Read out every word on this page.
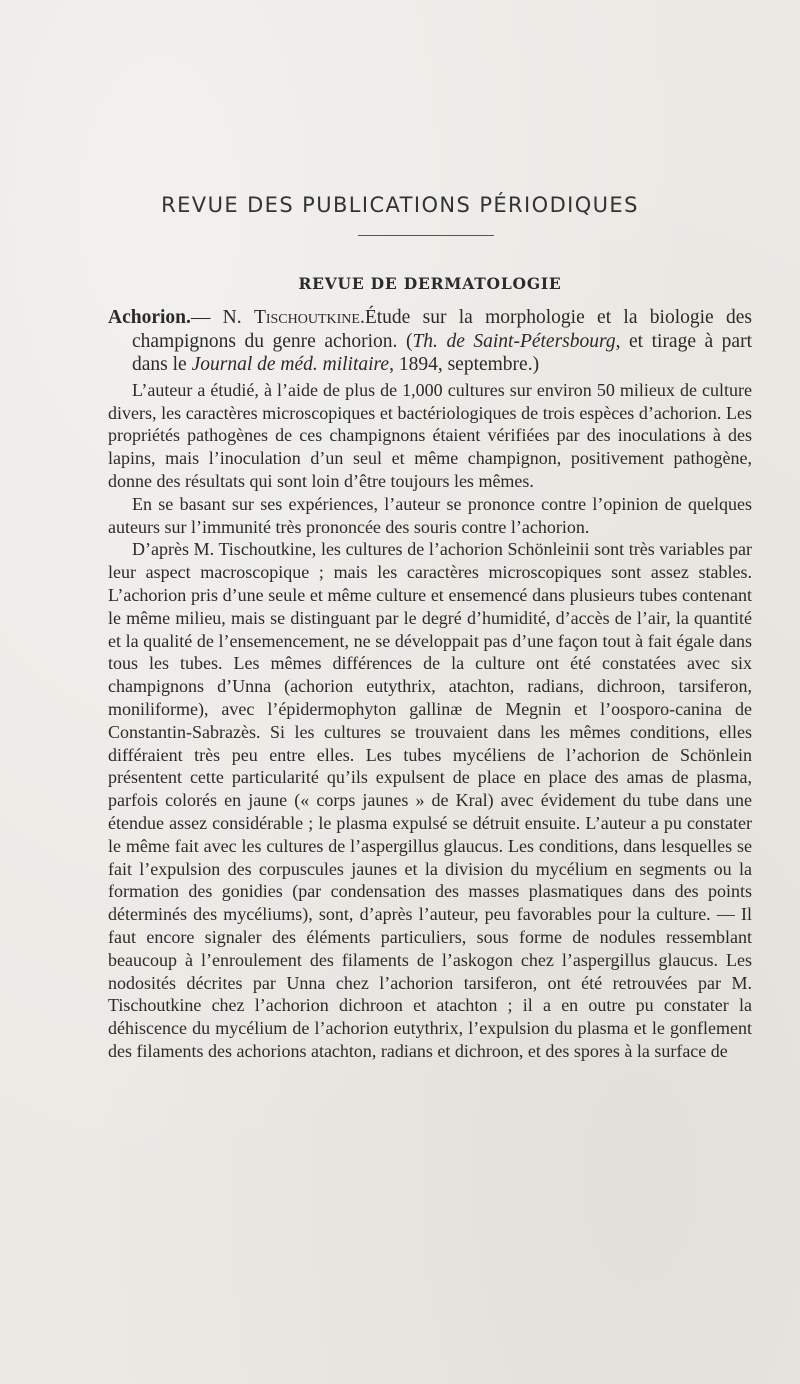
REVUE DES PUBLICATIONS PÉRIODIQUES
REVUE DE DERMATOLOGIE

Achorion.— N. Tischoutkine.Étude sur la morphologie et la biologie des champignons du genre achorion. (Th. de Saint-Pétersbourg, et tirage à part dans le Journal de méd. militaire, 1894, septembre.)

L’auteur a étudié, à l’aide de plus de 1,000 cultures sur environ 50 milieux de culture divers, les caractères microscopiques et bactériologiques de trois espèces d’achorion. Les propriétés pathogènes de ces champignons étaient vérifiées par des inoculations à des lapins, mais l’inoculation d’un seul et même champignon, positivement pathogène, donne des résultats qui sont loin d’être toujours les mêmes.

En se basant sur ses expériences, l’auteur se prononce contre l’opinion de quelques auteurs sur l’immunité très prononcée des souris contre l’achorion.

D’après M. Tischoutkine, les cultures de l’achorion Schönleinii sont très variables par leur aspect macroscopique ; mais les caractères microscopiques sont assez stables. L’achorion pris d’une seule et même culture et ensemencé dans plusieurs tubes contenant le même milieu, mais se distinguant par le degré d’humidité, d’accès de l’air, la quantité et la qualité de l’ensemencement, ne se développait pas d’une façon tout à fait égale dans tous les tubes. Les mêmes différences de la culture ont été constatées avec six champignons d’Unna (achorion eutythrix, atachton, radians, dichroon, tarsiferon, moniliforme), avec l’épidermophyton gallinæ de Megnin et l’oosporo-canina de Constantin-Sabrazès. Si les cultures se trouvaient dans les mêmes conditions, elles différaient très peu entre elles. Les tubes mycéliens de l’achorion de Schönlein présentent cette particularité qu’ils expulsent de place en place des amas de plasma, parfois colorés en jaune (« corps jaunes » de Kral) avec évidement du tube dans une étendue assez considérable ; le plasma expulsé se détruit ensuite. L’auteur a pu constater le même fait avec les cultures de l’aspergillus glaucus. Les conditions, dans lesquelles se fait l’expulsion des corpuscules jaunes et la division du mycélium en segments ou la formation des gonidies (par condensation des masses plasmatiques dans des points déterminés des mycéliums), sont, d’après l’auteur, peu favorables pour la culture. — Il faut encore signaler des éléments particuliers, sous forme de nodules ressemblant beaucoup à l’enroulement des filaments de l’askogon chez l’aspergillus glaucus. Les nodosités décrites par Unna chez l’achorion tarsiferon, ont été retrouvées par M. Tischoutkine chez l’achorion dichroon et atachton ; il a en outre pu constater la déhiscence du mycélium de l’achorion eutythrix, l’expulsion du plasma et le gonflement des filaments des achorions atachton, radians et dichroon, et des spores à la surface de
